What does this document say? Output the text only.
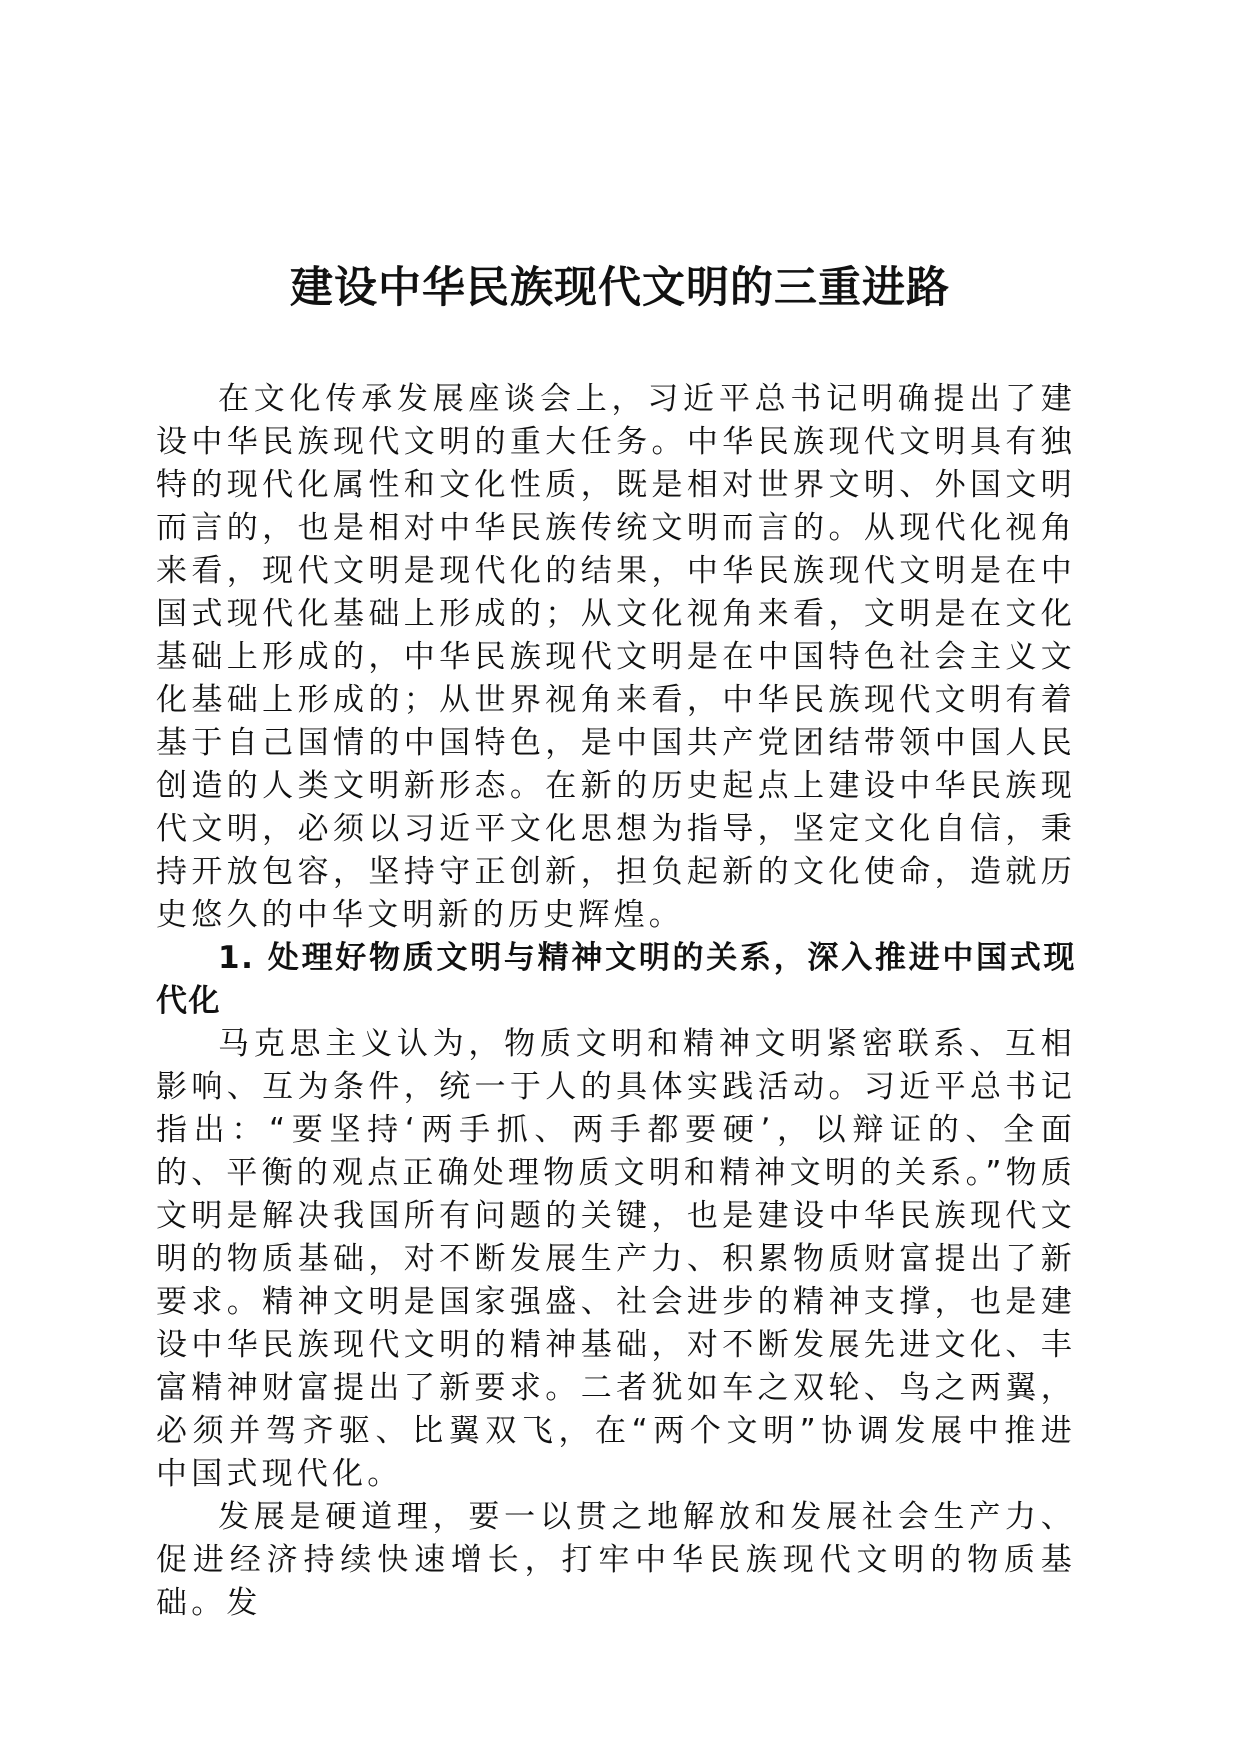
建设中华民族现代文明的三重进路

在文化传承发展座谈会上，习近平总书记明确提出了建设中华民族现代文明的重大任务。中华民族现代文明具有独特的现代化属性和文化性质，既是相对世界文明、外国文明而言的，也是相对中华民族传统文明而言的。从现代化视角来看，现代文明是现代化的结果，中华民族现代文明是在中国式现代化基础上形成的；从文化视角来看，文明是在文化基础上形成的，中华民族现代文明是在中国特色社会主义文化基础上形成的；从世界视角来看，中华民族现代文明有着基于自己国情的中国特色，是中国共产党团结带领中国人民创造的人类文明新形态。在新的历史起点上建设中华民族现代文明，必须以习近平文化思想为指导，坚定文化自信，秉持开放包容，坚持守正创新，担负起新的文化使命，造就历史悠久的中华文明新的历史辉煌。

1. 处理好物质文明与精神文明的关系，深入推进中国式现代化

马克思主义认为，物质文明和精神文明紧密联系、互相影响、互为条件，统一于人的具体实践活动。习近平总书记指出：“要坚持‘两手抓、两手都要硬’，以辩证的、全面的、平衡的观点正确处理物质文明和精神文明的关系。”物质文明是解决我国所有问题的关键，也是建设中华民族现代文明的物质基础，对不断发展生产力、积累物质财富提出了新要求。精神文明是国家强盛、社会进步的精神支撑，也是建设中华民族现代文明的精神基础，对不断发展先进文化、丰富精神财富提出了新要求。二者犹如车之双轮、鸟之两翼，必须并驾齐驱、比翼双飞，在“两个文明”协调发展中推进中国式现代化。

发展是硬道理，要一以贯之地解放和发展社会生产力、促进经济持续快速增长，打牢中华民族现代文明的物质基础。发
